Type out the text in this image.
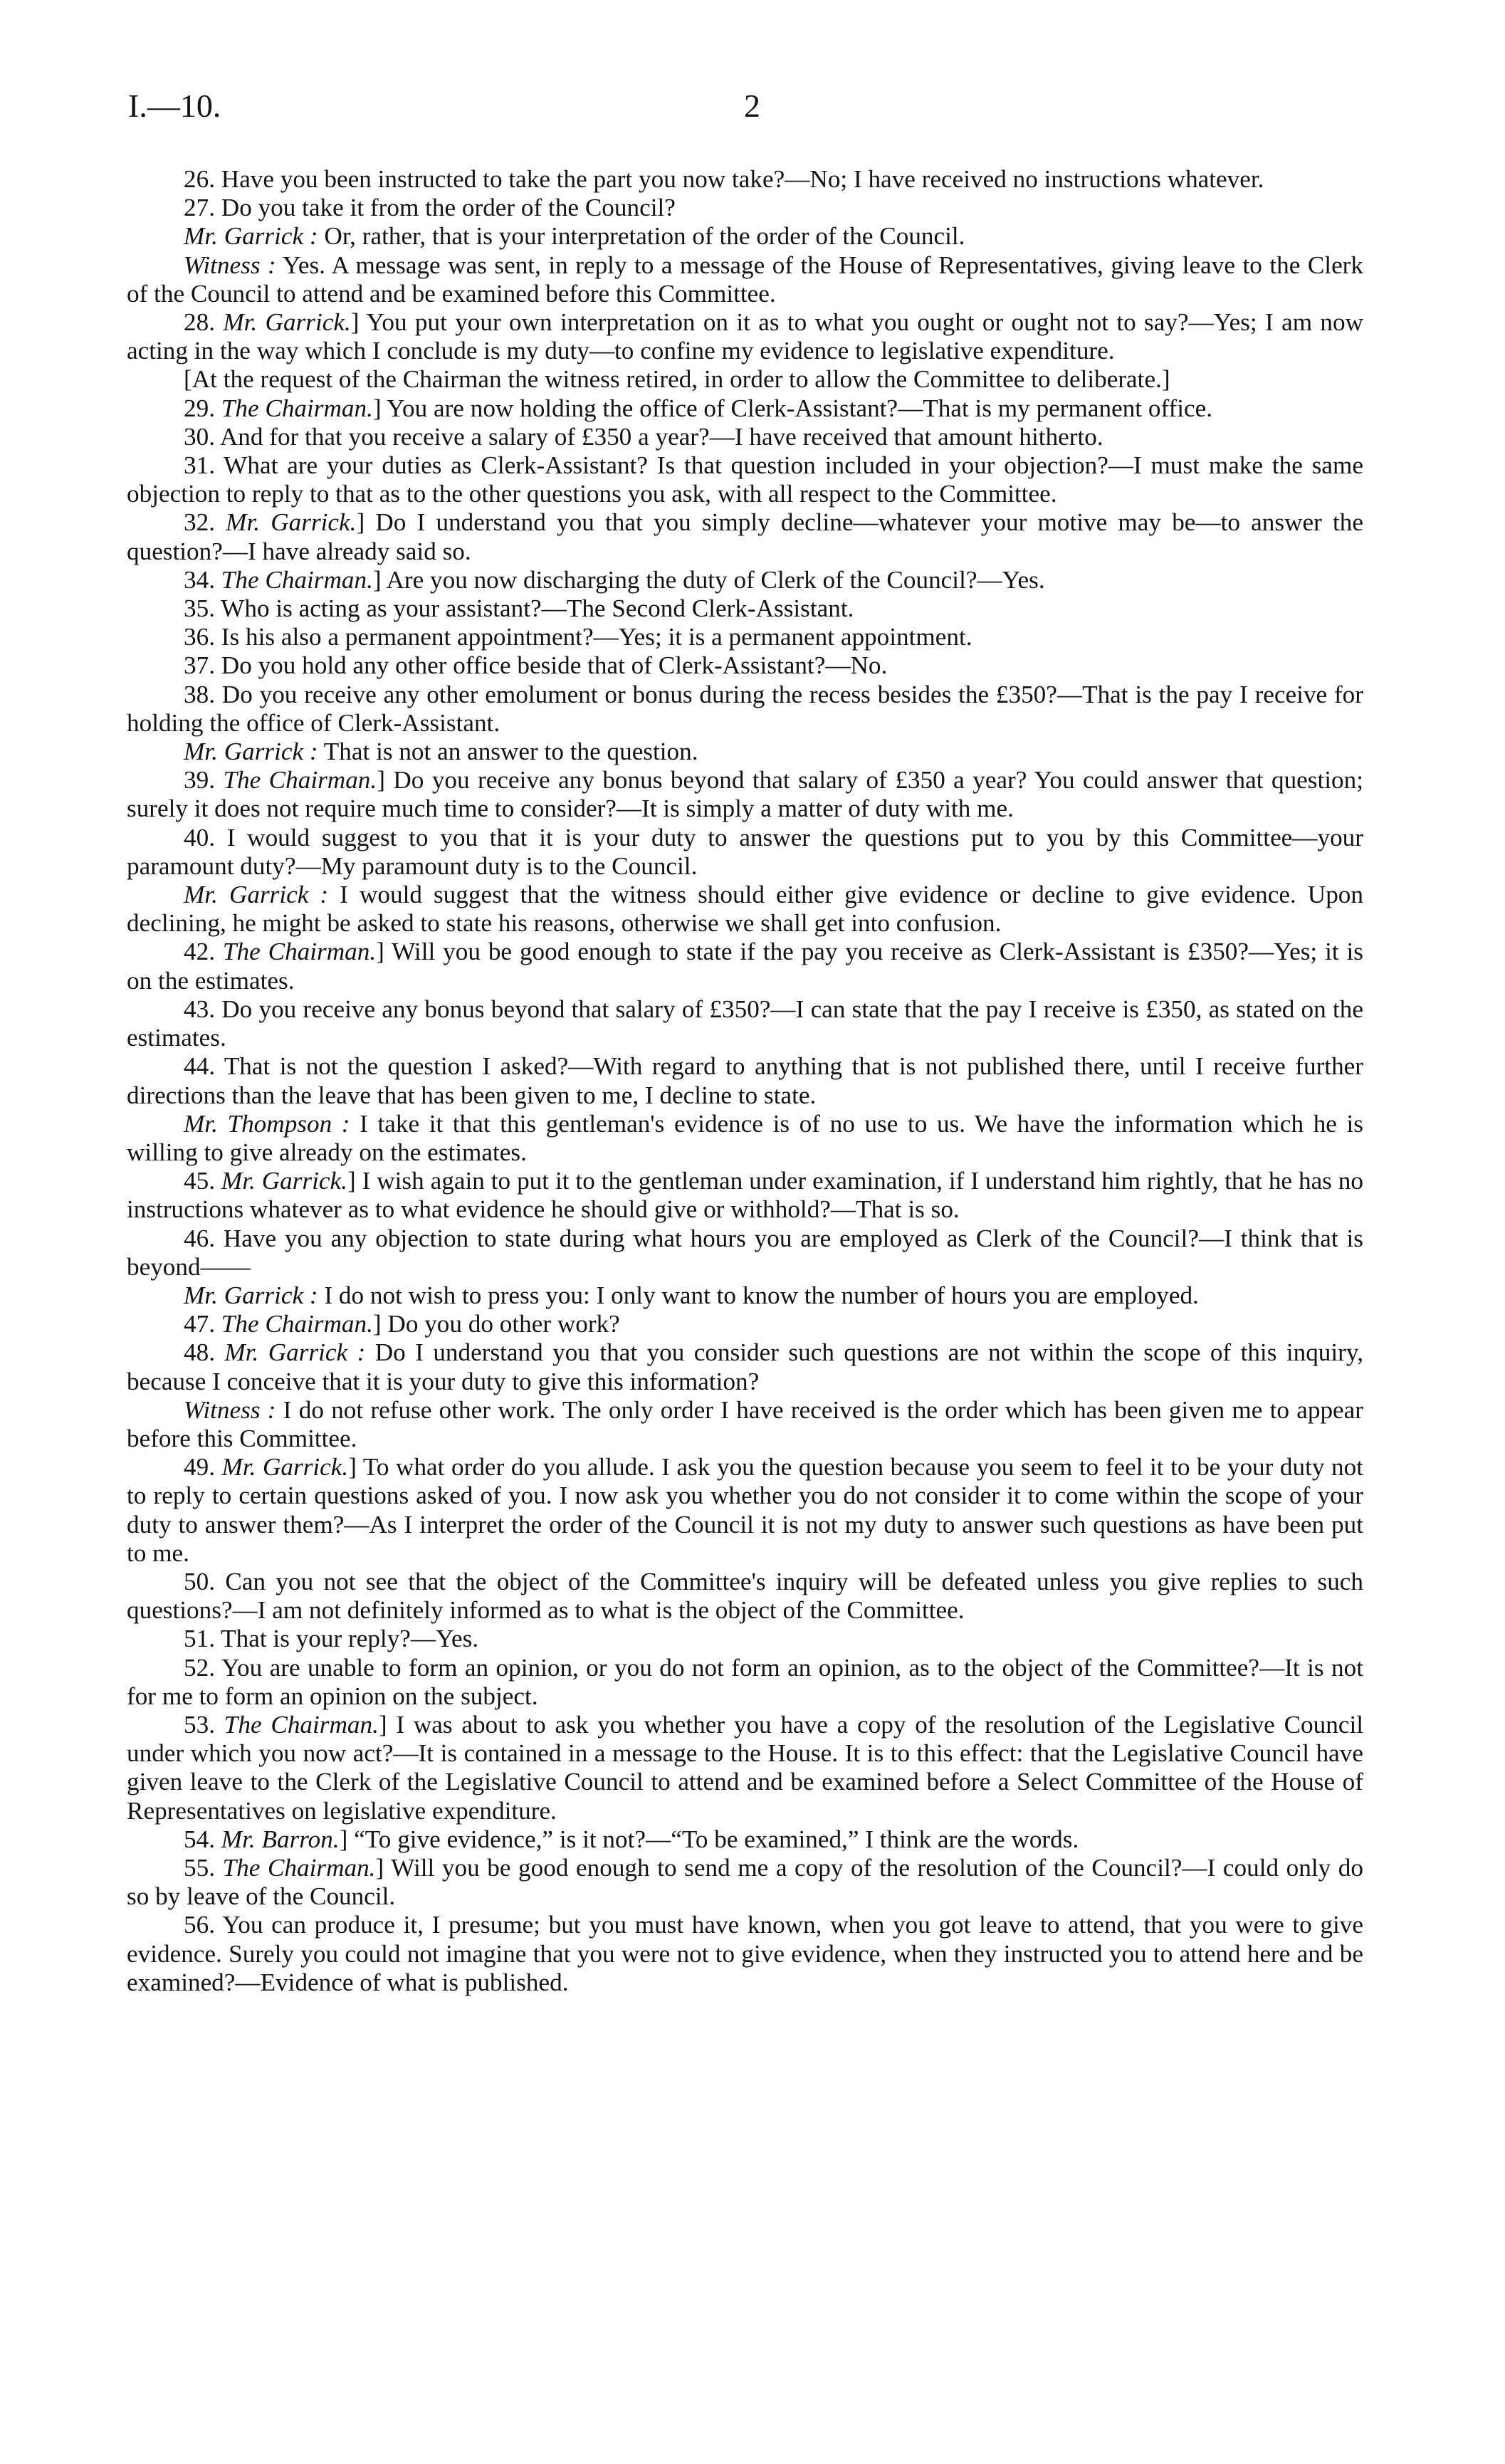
I.—10.	2

26. Have you been instructed to take the part you now take?—No; I have received no instructions whatever.

27. Do you take it from the order of the Council?

Mr. Garrick : Or, rather, that is your interpretation of the order of the Council.

Witness : Yes. A message was sent, in reply to a message of the House of Representatives, giving leave to the Clerk of the Council to attend and be examined before this Committee.

28. Mr. Garrick.] You put your own interpretation on it as to what you ought or ought not to say?—Yes; I am now acting in the way which I conclude is my duty—to confine my evidence to legislative expenditure.

[At the request of the Chairman the witness retired, in order to allow the Committee to deliberate.]

29. The Chairman.] You are now holding the office of Clerk-Assistant?—That is my permanent office.

30. And for that you receive a salary of £350 a year?—I have received that amount hitherto.

31. What are your duties as Clerk-Assistant? Is that question included in your objection?—I must make the same objection to reply to that as to the other questions you ask, with all respect to the Committee.

32. Mr. Garrick.] Do I understand you that you simply decline—whatever your motive may be—to answer the question?—I have already said so.

34. The Chairman.] Are you now discharging the duty of Clerk of the Council?—Yes.

35. Who is acting as your assistant?—The Second Clerk-Assistant.

36. Is his also a permanent appointment?—Yes; it is a permanent appointment.

37. Do you hold any other office beside that of Clerk-Assistant?—No.

38. Do you receive any other emolument or bonus during the recess besides the £350?—That is the pay I receive for holding the office of Clerk-Assistant.

Mr. Garrick : That is not an answer to the question.

39. The Chairman.] Do you receive any bonus beyond that salary of £350 a year? You could answer that question; surely it does not require much time to consider?—It is simply a matter of duty with me.

40. I would suggest to you that it is your duty to answer the questions put to you by this Committee—your paramount duty?—My paramount duty is to the Council.

Mr. Garrick : I would suggest that the witness should either give evidence or decline to give evidence. Upon declining, he might be asked to state his reasons, otherwise we shall get into confusion.

42. The Chairman.] Will you be good enough to state if the pay you receive as Clerk-Assistant is £350?—Yes; it is on the estimates.

43. Do you receive any bonus beyond that salary of £350?—I can state that the pay I receive is £350, as stated on the estimates.

44. That is not the question I asked?—With regard to anything that is not published there, until I receive further directions than the leave that has been given to me, I decline to state.

Mr. Thompson : I take it that this gentleman's evidence is of no use to us. We have the information which he is willing to give already on the estimates.

45. Mr. Garrick.] I wish again to put it to the gentleman under examination, if I understand him rightly, that he has no instructions whatever as to what evidence he should give or withhold?—That is so.

46. Have you any objection to state during what hours you are employed as Clerk of the Council?—I think that is beyond——

Mr. Garrick : I do not wish to press you: I only want to know the number of hours you are employed.

47. The Chairman.] Do you do other work?

48. Mr. Garrick : Do I understand you that you consider such questions are not within the scope of this inquiry, because I conceive that it is your duty to give this information?

Witness : I do not refuse other work. The only order I have received is the order which has been given me to appear before this Committee.

49. Mr. Garrick.] To what order do you allude. I ask you the question because you seem to feel it to be your duty not to reply to certain questions asked of you. I now ask you whether you do not consider it to come within the scope of your duty to answer them?—As I interpret the order of the Council it is not my duty to answer such questions as have been put to me.

50. Can you not see that the object of the Committee's inquiry will be defeated unless you give replies to such questions?—I am not definitely informed as to what is the object of the Committee.

51. That is your reply?—Yes.

52. You are unable to form an opinion, or you do not form an opinion, as to the object of the Committee?—It is not for me to form an opinion on the subject.

53. The Chairman.] I was about to ask you whether you have a copy of the resolution of the Legislative Council under which you now act?—It is contained in a message to the House. It is to this effect: that the Legislative Council have given leave to the Clerk of the Legislative Council to attend and be examined before a Select Committee of the House of Representatives on legislative expenditure.

54. Mr. Barron.] “To give evidence,” is it not?—“To be examined,” I think are the words.

55. The Chairman.] Will you be good enough to send me a copy of the resolution of the Council?—I could only do so by leave of the Council.

56. You can produce it, I presume; but you must have known, when you got leave to attend, that you were to give evidence. Surely you could not imagine that you were not to give evidence, when they instructed you to attend here and be examined?—Evidence of what is published.
